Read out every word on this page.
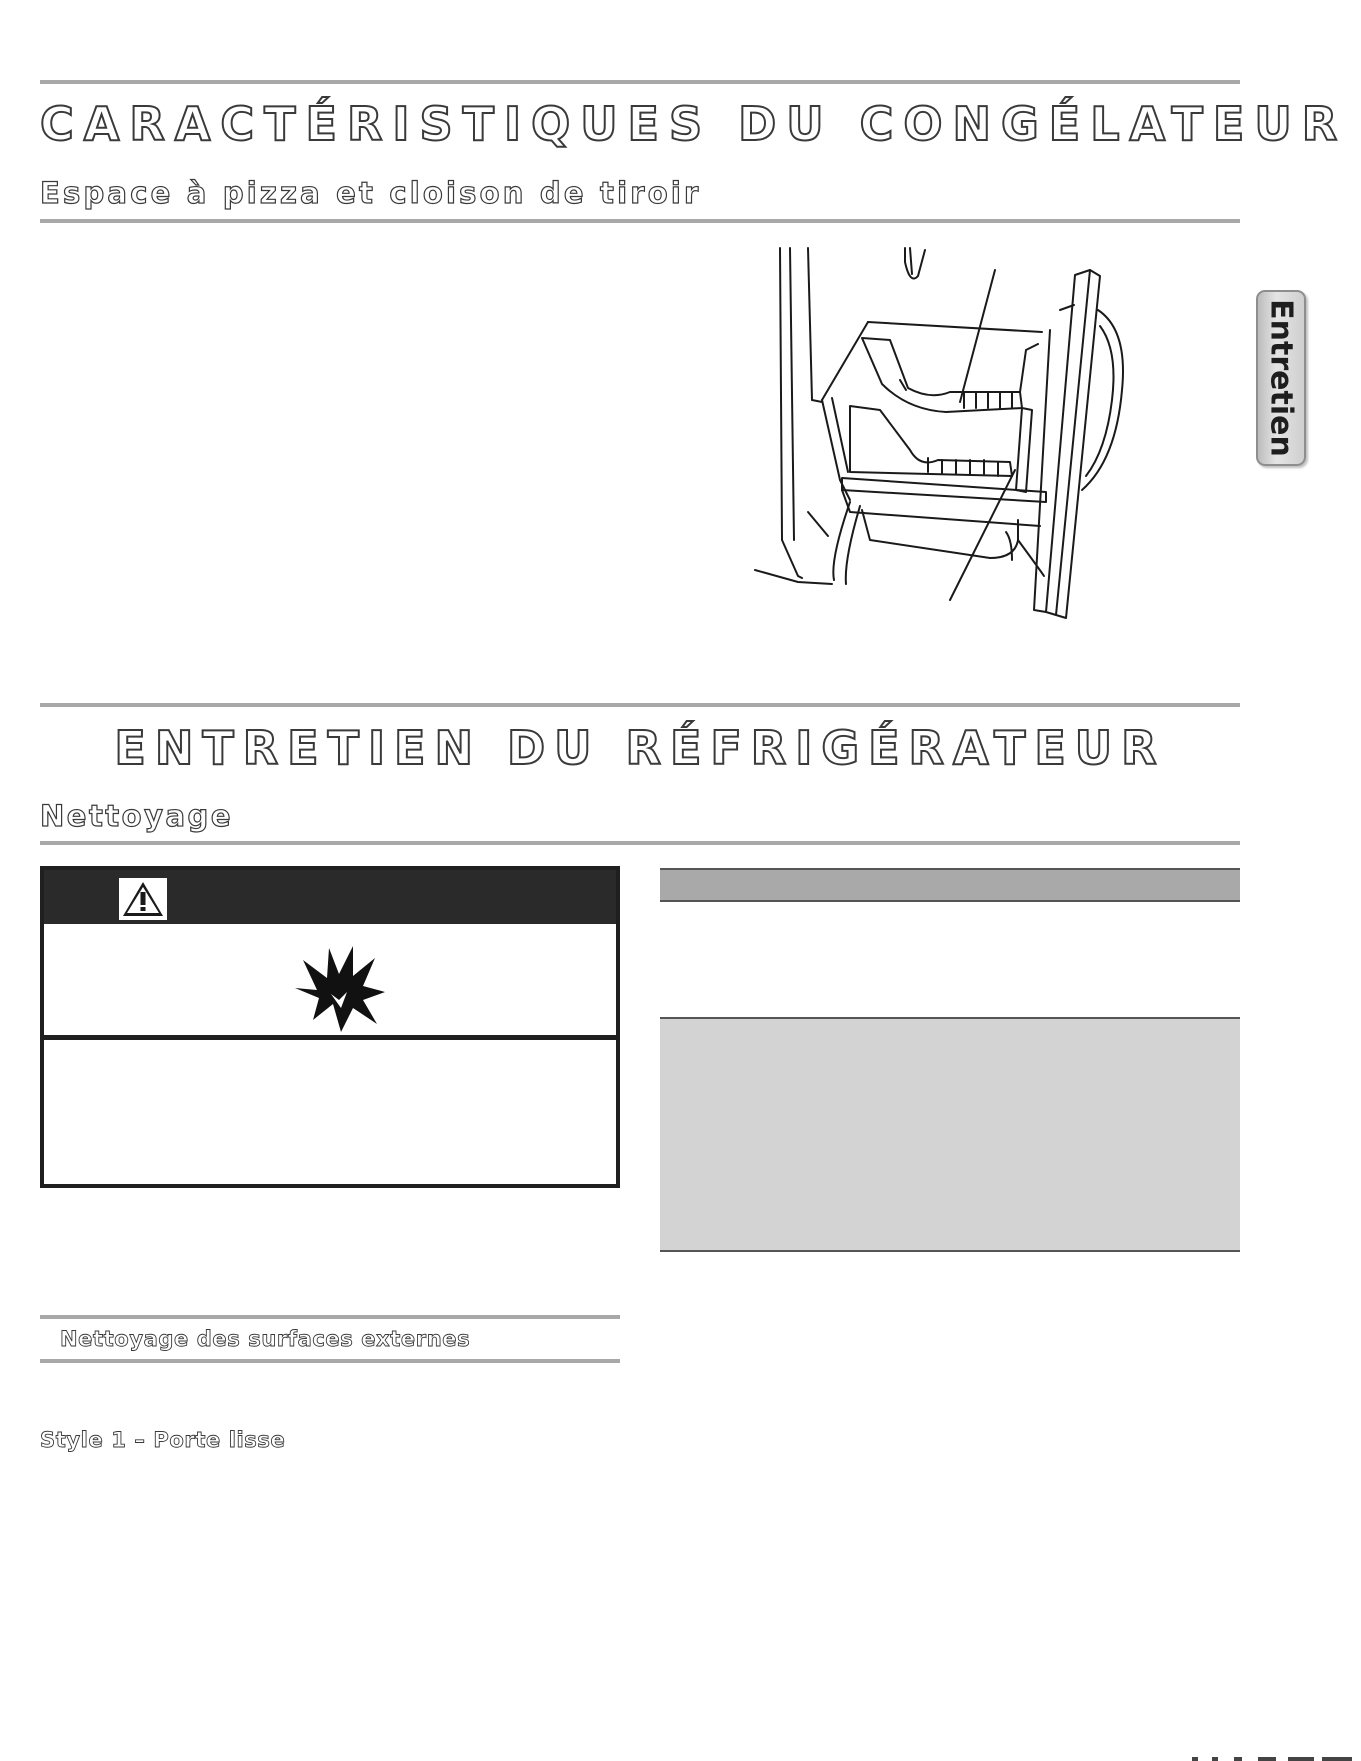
CARACTÉRISTIQUES DU CONGÉLATEUR
Espace à pizza et cloison de tiroir
Entretien
ENTRETIEN DU RÉFRIGÉRATEUR
Nettoyage
Nettoyage des surfaces externes
Style 1 – Porte lisse
